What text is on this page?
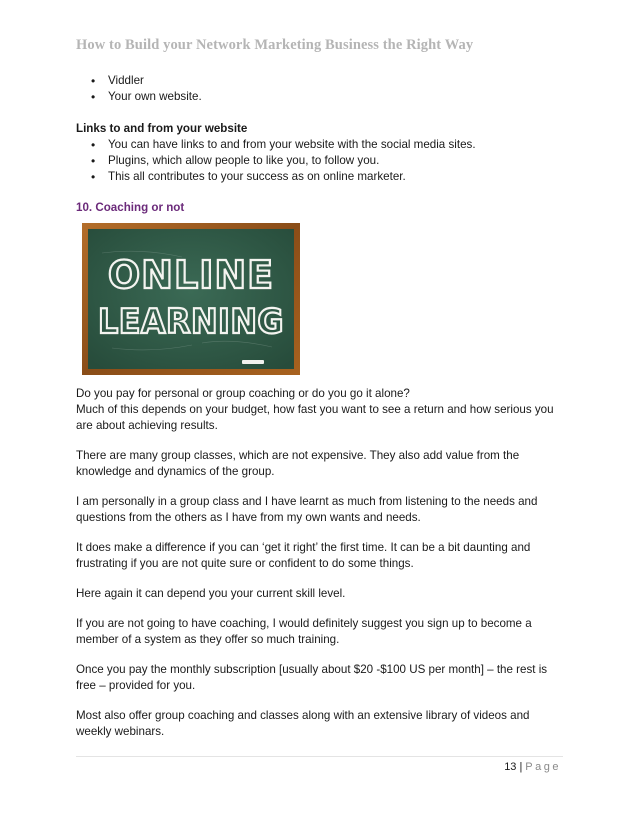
How to Build your Network Marketing Business the Right Way
• Viddler
• Your own website.
Links to and from your website
• You can have links to and from your website with the social media sites.
• Plugins, which allow people to like you, to follow you.
• This all contributes to your success as on online marketer.
10. Coaching or not
ONLINE
LEARNING

Do you pay for personal or group coaching or do you go it alone?
Much of this depends on your budget, how fast you want to see a return and how serious you are about achieving results.

There are many group classes, which are not expensive. They also add value from the knowledge and dynamics of the group.

I am personally in a group class and I have learnt as much from listening to the needs and questions from the others as I have from my own wants and needs.

It does make a difference if you can ‘get it right’ the first time. It can be a bit daunting and frustrating if you are not quite sure or confident to do some things.

Here again it can depend you your current skill level.

If you are not going to have coaching, I would definitely suggest you sign up to become a member of a system as they offer so much training.

Once you pay the monthly subscription [usually about $20 -$100 US per month] – the rest is free – provided for you.

Most also offer group coaching and classes along with an extensive library of videos and weekly webinars.

13 | Page
